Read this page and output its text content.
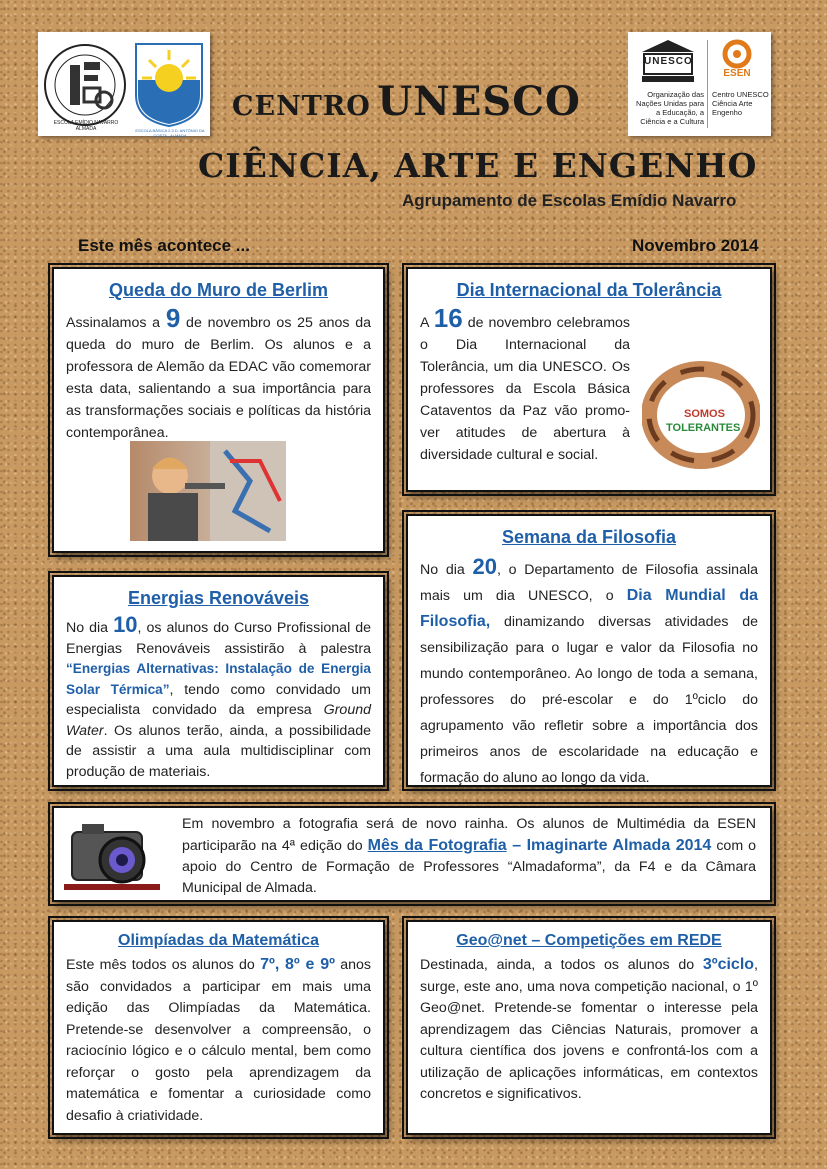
ESCOLA EMÍDIO NAVARRO ALMADA	ESCOLA BÁSICA 2,3 D. ANTÓNIO DA COSTA - ALMADA
UNESCO
Organização das Nações Unidas para a Educação, a Ciência e a Cultura
ESEN
Centro UNESCO Ciência Arte Engenho
CENTRO UNESCO
CIÊNCIA, ARTE E ENGENHO
Agrupamento de Escolas Emídio Navarro
Este mês acontece ...	Novembro 2014
Queda do Muro de Berlim
Assinalamos a 9 de novembro os 25 anos da queda do muro de Berlim. Os alunos e a professora de Alemão da EDAC vão comemorar esta data, salientando a sua importância para as transformações sociais e políticas da história contemporânea.
Dia Internacional da Tolerância
A 16 de novembro celebramos o Dia Internacional da Tolerância, um dia UNESCO. Os professores da Escola Básica Cataventos da Paz vão promo-ver atitudes de abertura à diversidade cultural e social.
SOMOS
TOLERANTES
Semana da Filosofia
No dia 20, o Departamento de Filosofia assinala mais um dia UNESCO, o Dia Mundial da Filosofia, dinamizando diversas atividades de sensibilização para o lugar e valor da Filosofia no mundo contemporâneo. Ao longo de toda a semana, professores do pré-escolar e do 1ºciclo do agrupamento vão refletir sobre a importância dos primeiros anos de escolaridade na educação e formação do aluno ao longo da vida.
Energias Renováveis
No dia 10, os alunos do Curso Profissional de Energias Renováveis assistirão à palestra “Energias Alternativas: Instalação de Energia Solar Térmica”, tendo como convidado um especialista convidado da empresa Ground Water. Os alunos terão, ainda, a possibilidade de assistir a uma aula multidisciplinar com produção de materiais.
Em novembro a fotografia será de novo rainha. Os alunos de Multimédia da ESEN participarão na 4ª edição do Mês da Fotografia – Imaginarte Almada 2014 com o apoio do Centro de Formação de Professores “Almadaforma”, da F4 e da Câmara Municipal de Almada.
Olimpíadas da Matemática
Este mês todos os alunos do 7º, 8º e 9º anos são convidados a participar em mais uma edição das Olimpíadas da Matemática. Pretende-se desenvolver a compreensão, o raciocínio lógico e o cálculo mental, bem como reforçar o gosto pela aprendizagem da matemática e fomentar a curiosidade como desafio à criatividade.
Geo@net – Competições em REDE
Destinada, ainda, a todos os alunos do 3ºciclo, surge, este ano, uma nova competição nacional, o 1º Geo@net. Pretende-se fomentar o interesse pela aprendizagem das Ciências Naturais, promover a cultura científica dos jovens e confrontá-los com a utilização de aplicações informáticas, em contextos concretos e significativos.
